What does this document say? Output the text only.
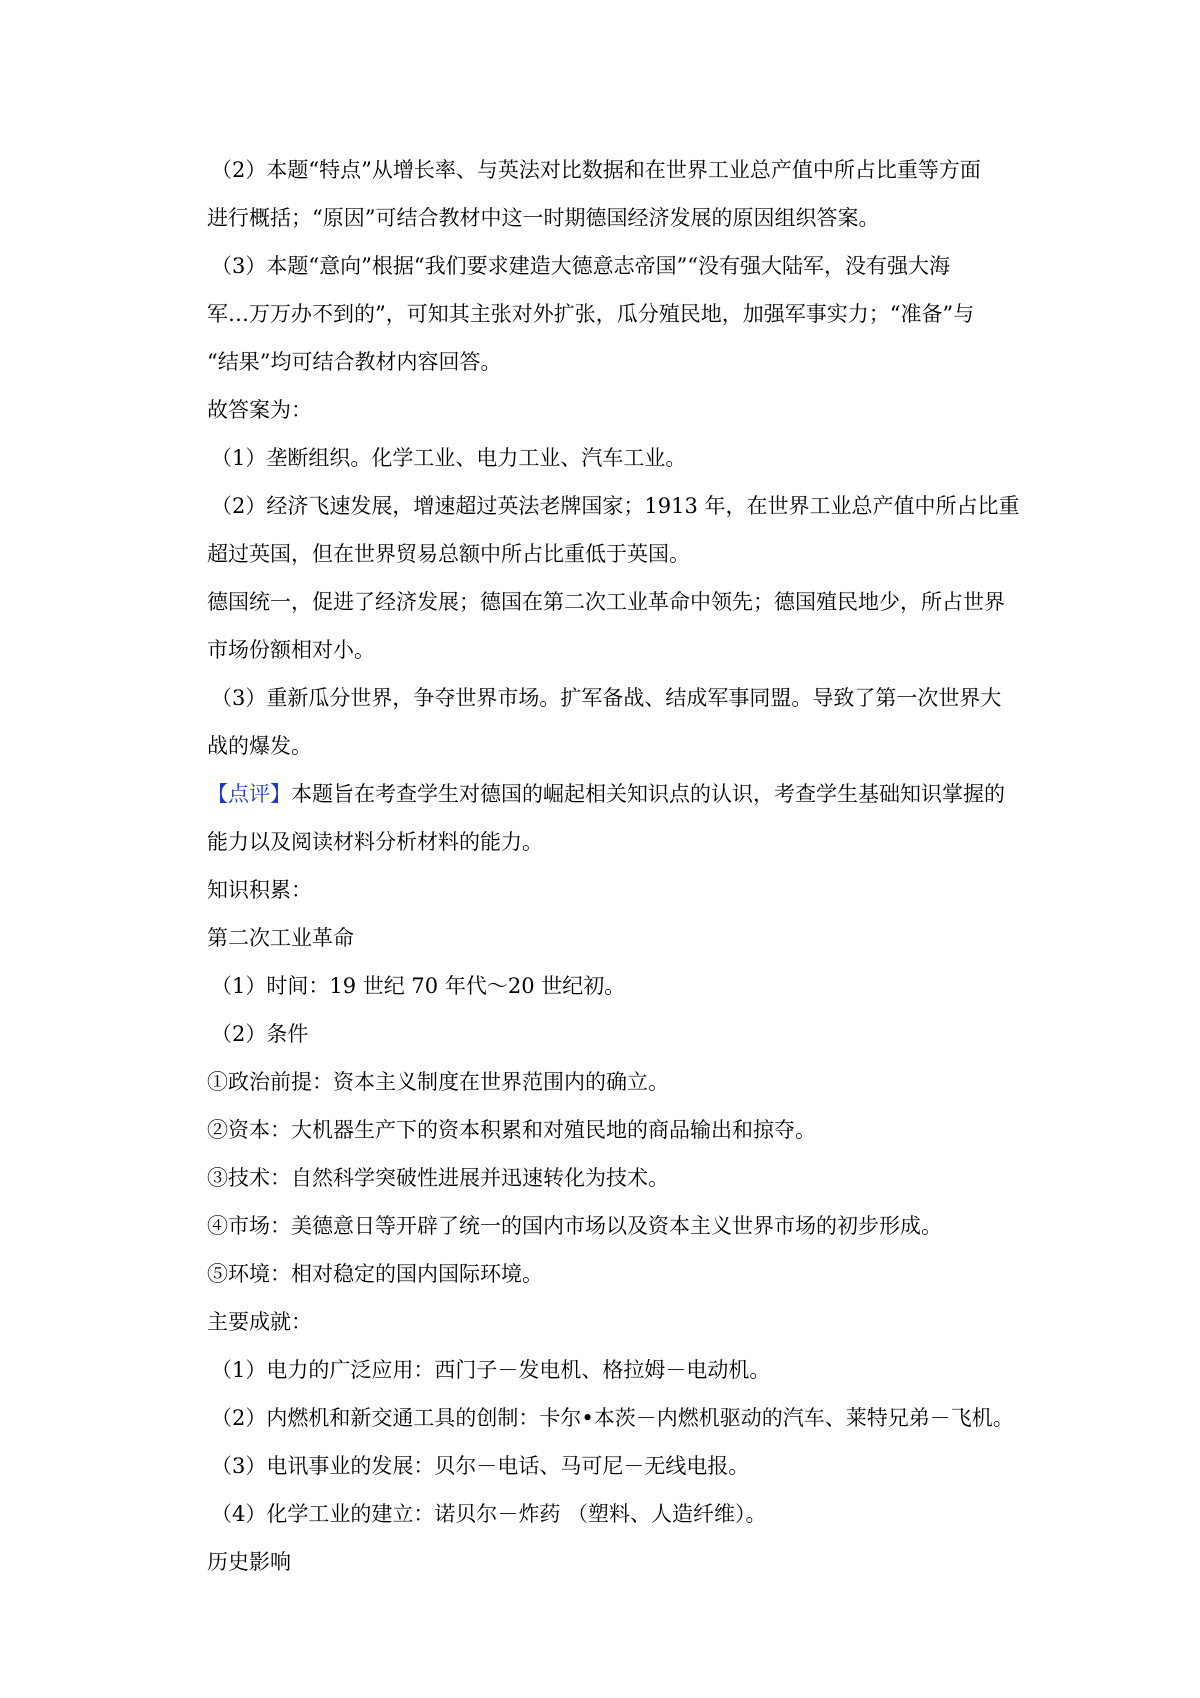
（2）本题“特点”从增长率、与英法对比数据和在世界工业总产值中所占比重等方面
进行概括；“原因”可结合教材中这一时期德国经济发展的原因组织答案。
（3）本题“意向”根据“我们要求建造大德意志帝国”“没有强大陆军，没有强大海
军…万万办不到的”，可知其主张对外扩张，瓜分殖民地，加强军事实力；“准备”与
“结果”均可结合教材内容回答。
故答案为：
（1）垄断组织。化学工业、电力工业、汽车工业。
（2）经济飞速发展，增速超过英法老牌国家；1913 年，在世界工业总产值中所占比重
超过英国，但在世界贸易总额中所占比重低于英国。
德国统一，促进了经济发展；德国在第二次工业革命中领先；德国殖民地少，所占世界
市场份额相对小。
（3）重新瓜分世界，争夺世界市场。扩军备战、结成军事同盟。导致了第一次世界大
战的爆发。
【点评】本题旨在考查学生对德国的崛起相关知识点的认识，考查学生基础知识掌握的
能力以及阅读材料分析材料的能力。
知识积累：
第二次工业革命
（1）时间：19 世纪 70 年代～20 世纪初。
（2）条件
①政治前提：资本主义制度在世界范围内的确立。
②资本：大机器生产下的资本积累和对殖民地的商品输出和掠夺。
③技术：自然科学突破性进展并迅速转化为技术。
④市场：美德意日等开辟了统一的国内市场以及资本主义世界市场的初步形成。
⑤环境：相对稳定的国内国际环境。
主要成就：
（1）电力的广泛应用：西门子－发电机、格拉姆－电动机。
（2）内燃机和新交通工具的创制：卡尔•本茨－内燃机驱动的汽车、莱特兄弟－飞机。
（3）电讯事业的发展：贝尔－电话、马可尼－无线电报。
（4）化学工业的建立：诺贝尔－炸药 （塑料、人造纤维）。
历史影响
